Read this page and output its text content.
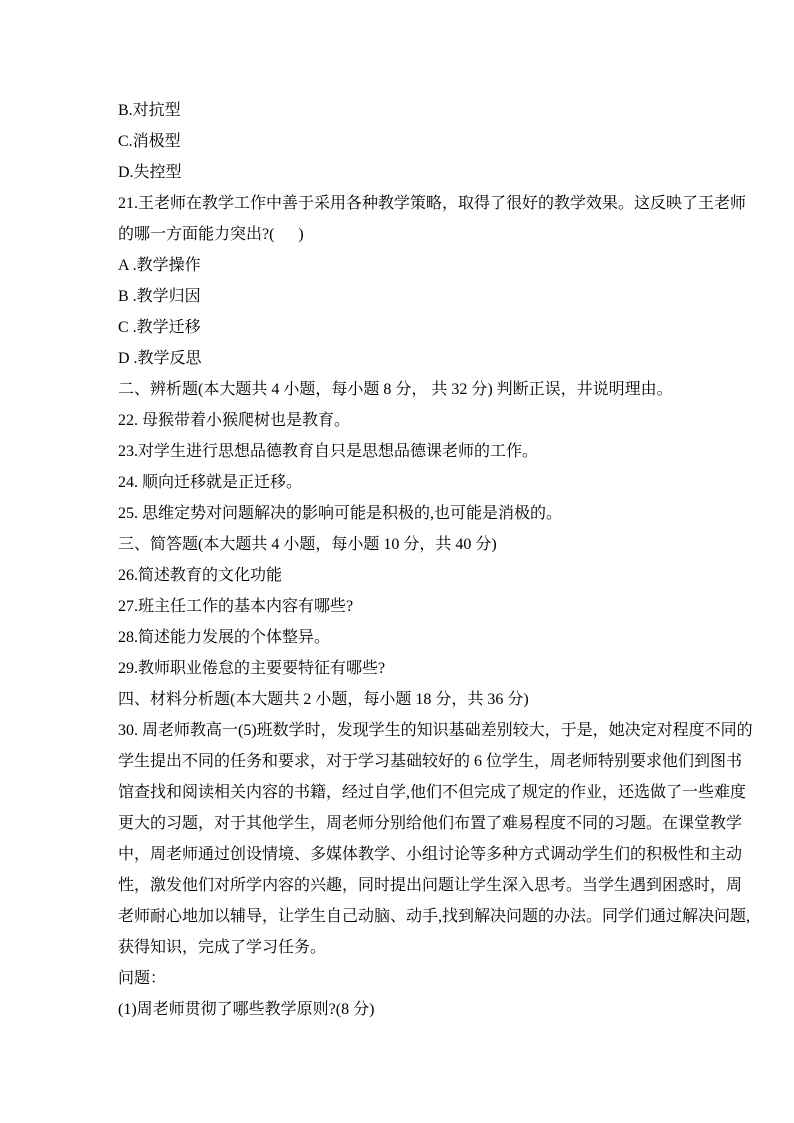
B.对抗型

C.消极型

D.失控型

21.王老师在教学工作中善于采用各种教学策略，取得了很好的教学效果。这反映了王老师的哪一方面能力突出?(      )

A .教学操作

B .教学归因

C .教学迁移

D .教学反思

二、辨析题(本大题共 4 小题，每小题 8 分， 共 32 分) 判断正误，井说明理由。

22. 母猴带着小猴爬树也是教育。

23.对学生进行思想品德教育自只是思想品德课老师的工作。

24. 顺向迁移就是正迁移。

25. 思维定势对问题解决的影响可能是积极的,也可能是消极的。

三、简答题(本大题共 4 小题，每小题 10 分，共 40 分)

26.简述教育的文化功能

27.班主任工作的基本内容有哪些?

28.简述能力发展的个体整异。

29.教师职业倦怠的主要要特征有哪些?

四、材料分析题(本大题共 2 小题，每小题 18 分，共 36 分)

30. 周老师教高一(5)班数学时，发现学生的知识基础差别较大，于是，她决定对程度不同的学生提出不同的任务和要求，对于学习基础较好的 6 位学生，周老师特别要求他们到图书馆查找和阅读相关内容的书籍，经过自学,他们不但完成了规定的作业，还选做了一些难度更大的习题，对于其他学生，周老师分别给他们布置了难易程度不同的习题。在课堂教学中，周老师通过创设情境、多媒体教学、小组讨论等多种方式调动学生们的积极性和主动性，激发他们对所学内容的兴趣，同时提出问题让学生深入思考。当学生遇到困惑时，周老师耐心地加以辅导，让学生自己动脑、动手,找到解决问题的办法。同学们通过解决问题,获得知识，完成了学习任务。

问题：

(1)周老师贯彻了哪些教学原则?(8 分)
